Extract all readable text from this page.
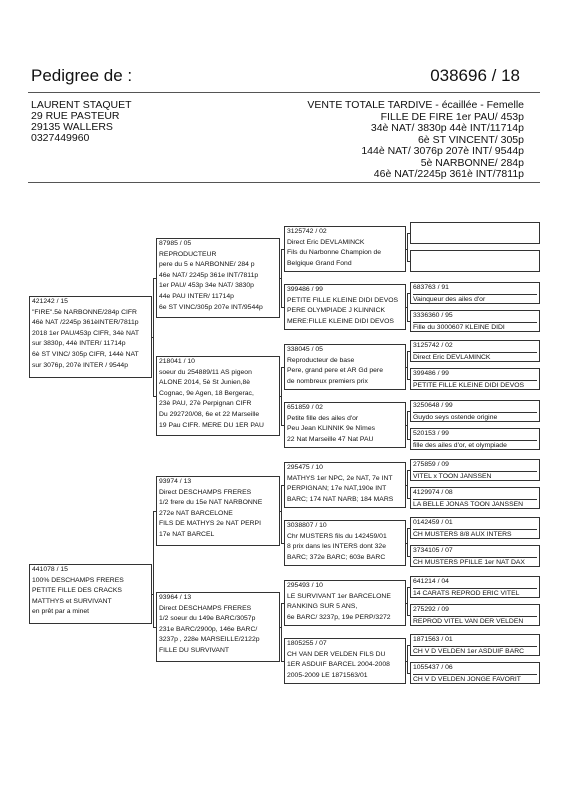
Pedigree de :	038696 / 18
LAURENT STAQUET
29 RUE PASTEUR
29135 WALLERS
0327449960
VENTE TOTALE TARDIVE - écaillée - Femelle
FILLE DE FIRE 1er PAU/ 453p
34è NAT/ 3830p 44è INT/11714p
6è ST VINCENT/ 305p
144è NAT/ 3076p 207è INT/ 9544p
5è NARBONNE/ 284p
46è NAT/2245p 361è INT/7811p
421242 / 15
"FIRE".5è NARBONNE/284p CIFR
46è NAT /2245p 361èINTER/7811p
2018 1er PAU/453p CIFR, 34è NAT
sur 3830p, 44è INTER/ 11714p
6è ST VINC/ 305p CIFR, 144è NAT
sur 3076p, 207è INTER / 9544p
441078 / 15
100% DESCHAMPS FRERES
PETITE FILLE DES CRACKS
MATTHYS et SURVIVANT
en prêt par a minet
87985 / 05
REPRODUCTEUR
pere du 5 e NARBONNE/ 284 p
46e NAT/ 2245p 361e INT/7811p
1er PAU/ 453p 34e NAT/ 3830p
44e PAU INTER/ 11714p
6e ST VINC/305p 207e INT/9544p
218041 / 10
soeur du 254889/11 AS pigeon
ALONE 2014, 5è St Junien,8è
Cognac, 9e Agen, 18 Bergerac,
23è PAU, 27è Perpignan CIFR
Du 292720/08, 6e et 22 Marseille
19 Pau CIFR. MERE DU 1ER PAU
93974 / 13
Direct DESCHAMPS FRERES
1/2 frere du 15e NAT NARBONNE
272e NAT BARCELONE
FILS DE MATHYS 2e NAT PERPI
17e NAT BARCEL
93964 / 13
Direct DESCHAMPS FRERES
1/2 soeur du 149e BARC/3057p
231e BARC/2900p, 146e BARC/
3237p , 228e MARSEILLE/2122p
FILLE DU SURVIVANT
3125742 / 02
Direct Eric DEVLAMINCK
Fils du Narbonne Champion de
Belgique Grand Fond
399486 / 99
PETITE FILLE KLEINE DIDI DEVOS
PERE OLYMPIADE J KLINNICK
MERE:FILLE KLEINE DIDI DEVOS
338045 / 05
Reproducteur de base
Pere, grand pere et AR Gd pere
de nombreux premiers prix
651859 / 02
Petite fille des ailes d'or
Peu Jean KLINNIK 9e Nîmes
22 Nat Marseille 47 Nat PAU
295475 / 10
MATHYS 1er NPC, 2e NAT, 7e INT
PERPIGNAN; 17e NAT,190e INT
BARC; 174 NAT NARB; 184 MARS
3038807 / 10
Chr MUSTERS fils du 142459/01
8 prix dans les INTERS dont 32e
BARC; 372e BARC; 603e BARC
295493 / 10
LE SURVIVANT 1er BARCELONE
RANKING SUR 5 ANS,
6e BARC/ 3237p, 19e PERP/3272
1805255 / 07
CH VAN DER VELDEN FILS DU
1ER ASDUIF BARCEL 2004-2008
2005-2009 LE 1871563/01
683763 / 91
Vainqueur des ailes d'or
3336360 / 95
Fille du 3000607 KLEINE DIDI
3125742 / 02
Direct Eric DEVLAMINCK
399486 / 99
PETITE FILLE KLEINE DIDI DEVOS
3250648 / 99
Guydo seys ostende origine
520153 / 99
fille des ailes d'or, et olympiade
275859 / 09
VITEL x TOON JANSSEN
4129974 / 08
LA BELLE JONAS TOON JANSSEN
0142459 / 01
CH MUSTERS 8/8 AUX INTERS
3734105 / 07
CH MUSTERS PFILLE 1er NAT DAX
641214 / 04
14 CARATS REPROD ERIC VITEL
275292 / 09
REPROD VITEL VAN DER VELDEN
1871563 / 01
CH V D VELDEN 1er ASDUIF BARC
1055437 / 06
CH V D VELDEN JONGE FAVORIT
